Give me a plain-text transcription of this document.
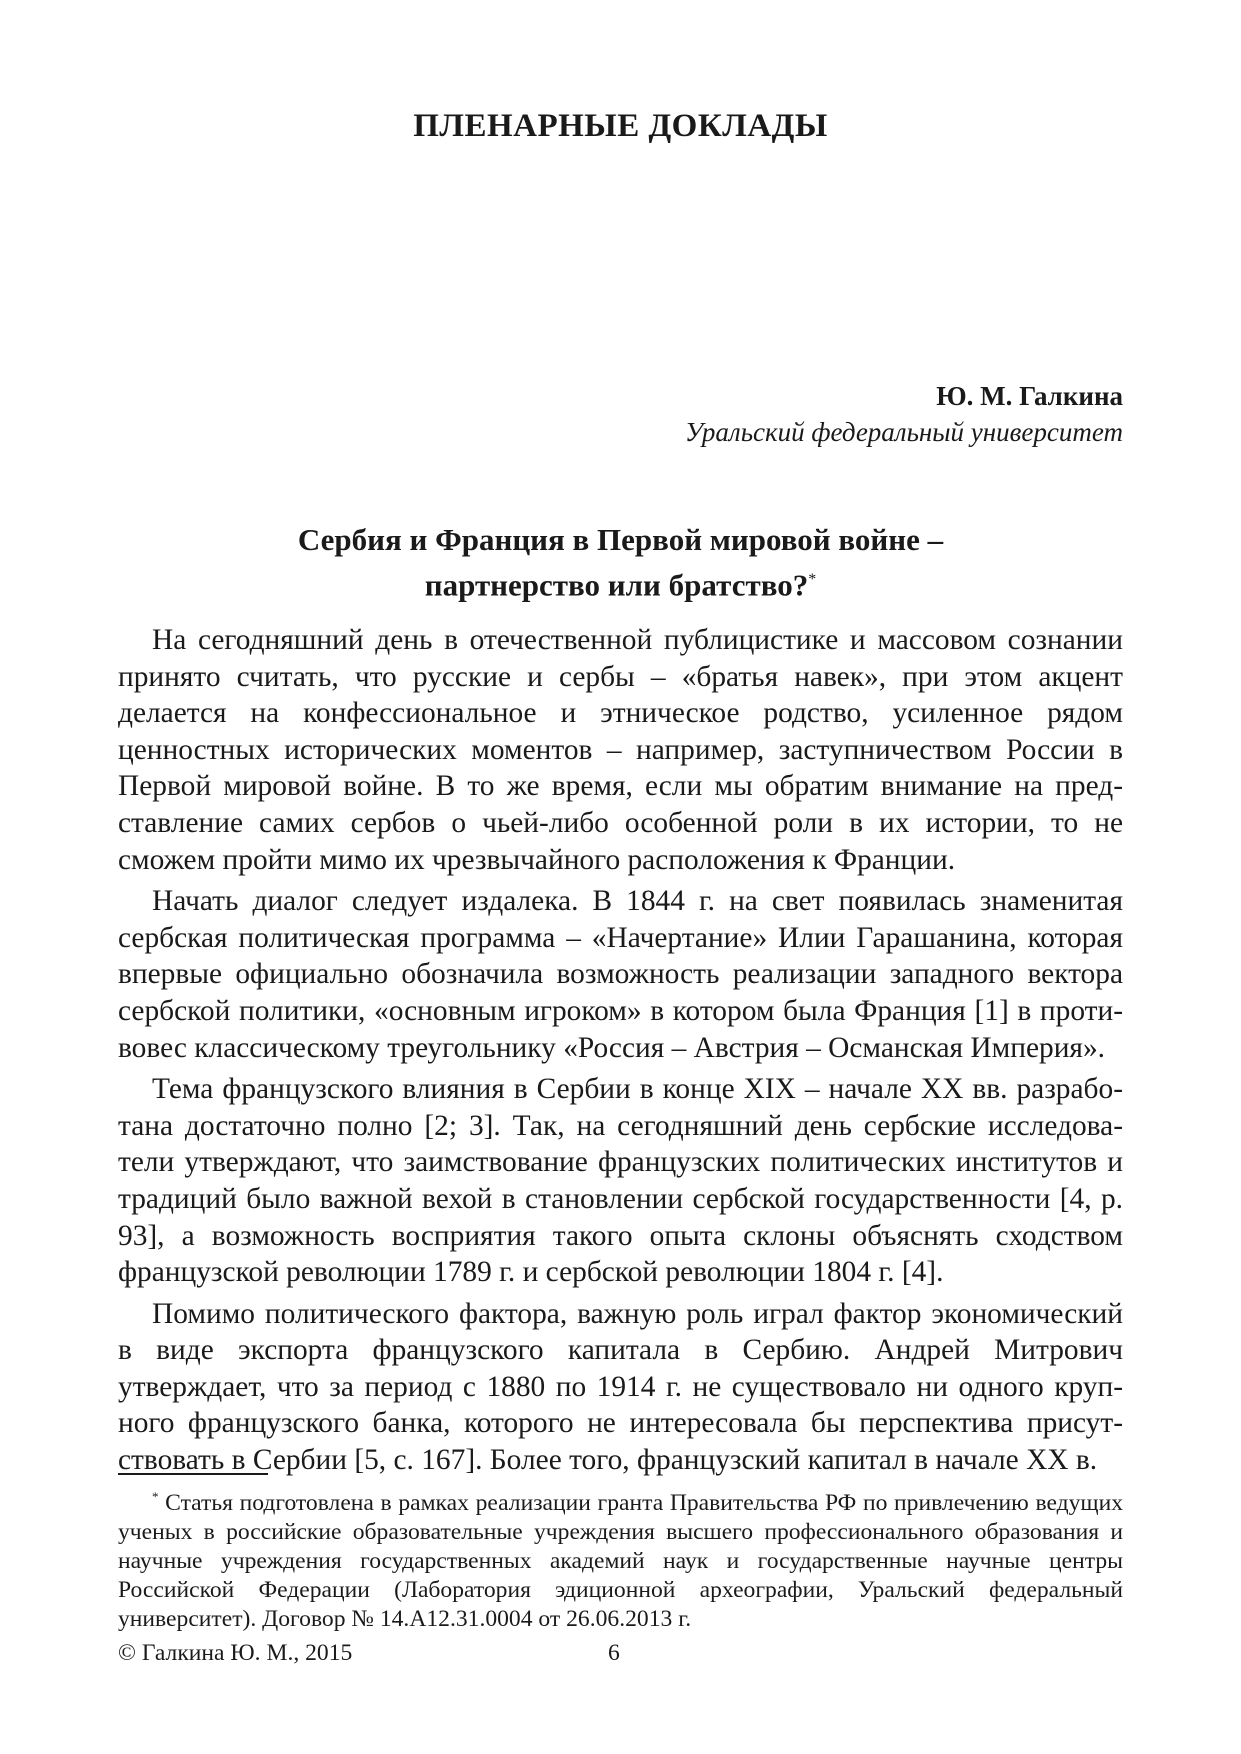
ПЛЕНАРНЫЕ ДОКЛАДЫ
Ю. М. Галкина
Уральский федеральный университет
Сербия и Франция в Первой мировой войне –
партнерство или братство?*

На сегодняшний день в отечественной публицистике и массовом сознании принято считать, что русские и сербы – «братья навек», при этом акцент делается на конфессиональное и этническое родство, усиленное рядом ценностных исторических моментов – например, заступничеством России в Первой мировой войне. В то же время, если мы обратим внимание на представление самих сербов о чьей-либо особенной роли в их истории, то не сможем пройти мимо их чрезвычайного расположения к Франции.

Начать диалог следует издалека. В 1844 г. на свет появилась знаменитая сербская политическая программа – «Начертание» Илии Гарашанина, которая впервые официально обозначила возможность реализации западного вектора сербской политики, «основным игроком» в котором была Франция [1] в противовес классическому треугольнику «Россия – Австрия – Османская Империя».

Тема французского влияния в Сербии в конце XIX – начале XX вв. разработана достаточно полно [2; 3]. Так, на сегодняшний день сербские исследователи утверждают, что заимствование французских политических институтов и традиций было важной вехой в становлении сербской государственности [4, p. 93], а возможность восприятия такого опыта склоны объяснять сходством французской революции 1789 г. и сербской революции 1804 г. [4].

Помимо политического фактора, важную роль играл фактор экономический в виде экспорта французского капитала в Сербию. Андрей Митрович утверждает, что за период с 1880 по 1914 г. не существовало ни одного крупного французского банка, которого не интересовала бы перспектива присутствовать в Сербии [5, с. 167]. Более того, французский капитал в начале XX в.

* Статья подготовлена в рамках реализации гранта Правительства РФ по привлечению ведущих ученых в российские образовательные учреждения высшего профессионального образования и научные учреждения государственных академий наук и государственные научные центры Российской Федерации (Лаборатория эдиционной археографии, Уральский федеральный университет). Договор № 14.A12.31.0004 от 26.06.2013 г.

© Галкина Ю. М., 2015	6
